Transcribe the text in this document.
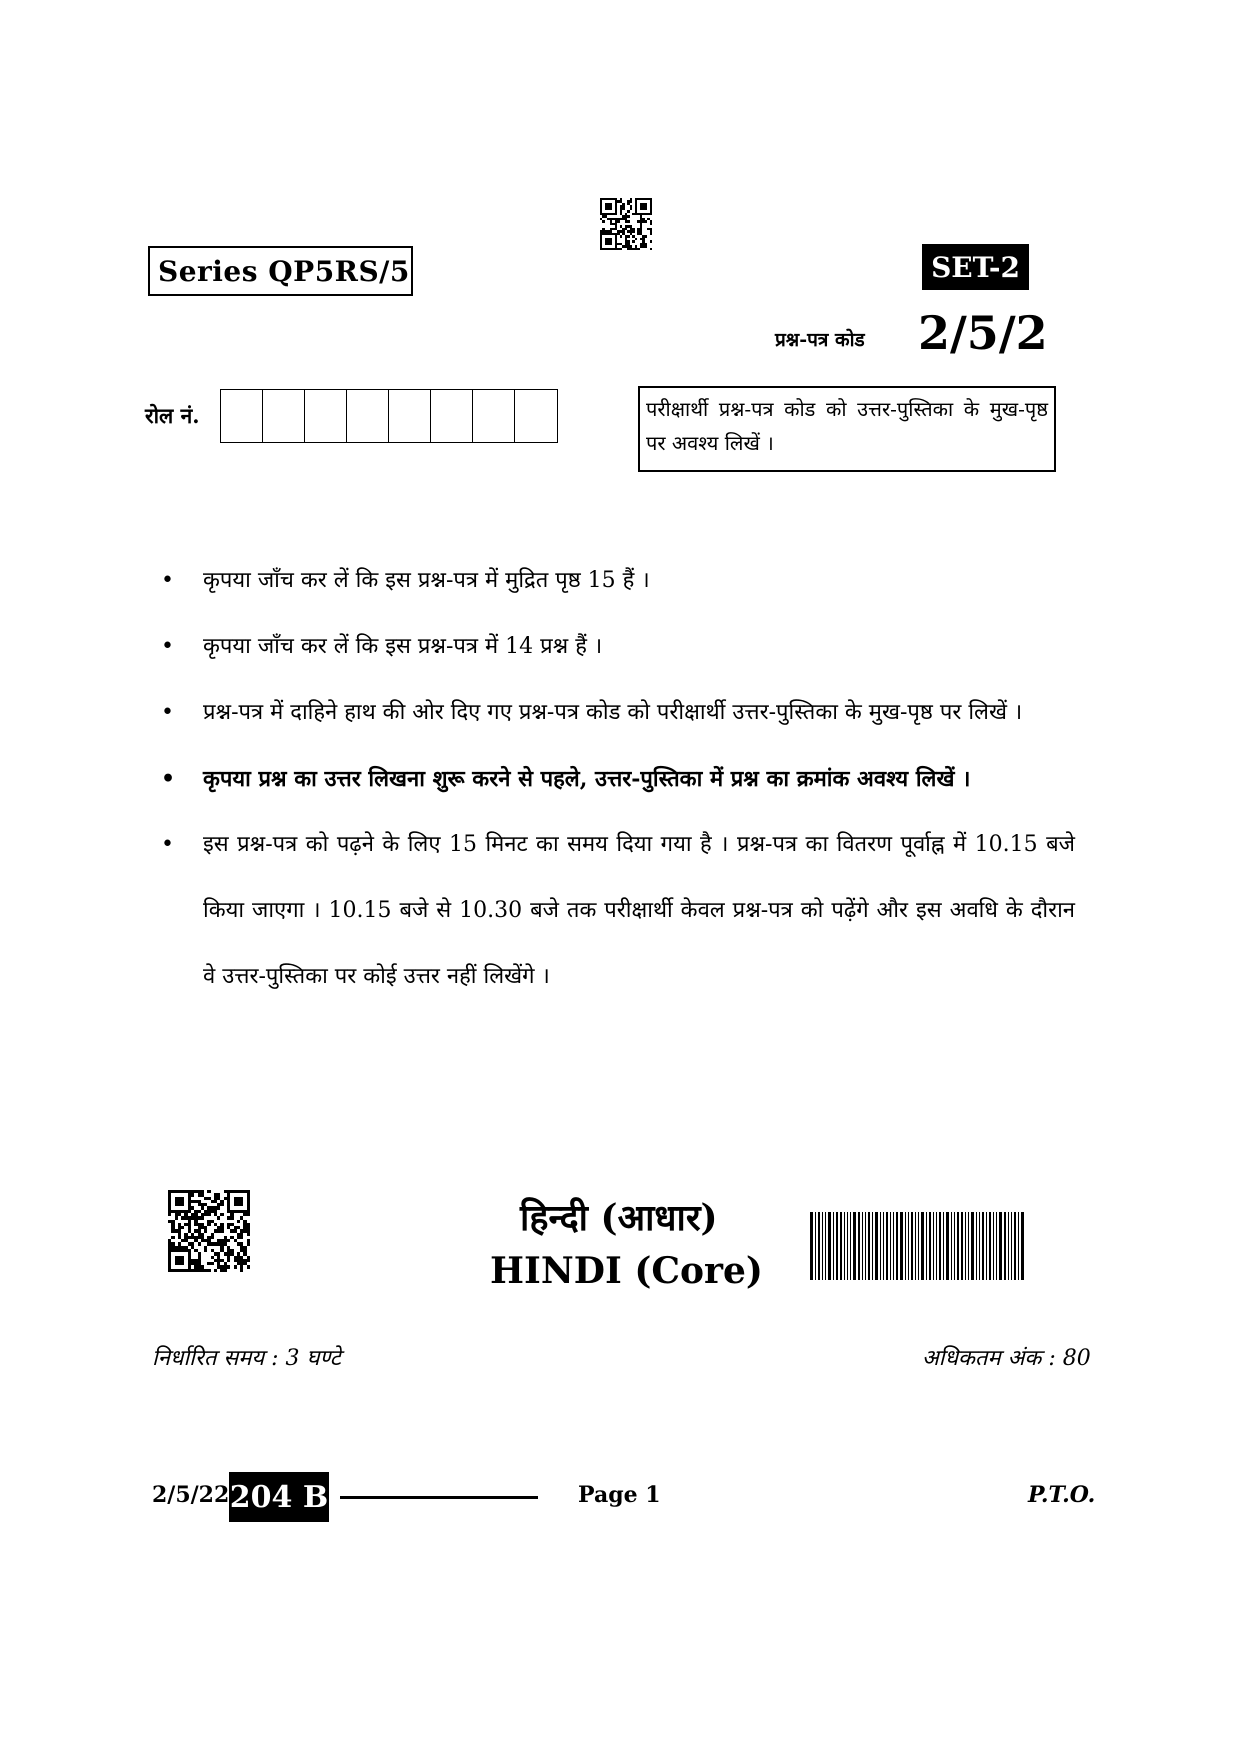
Series QP5RS/5	SET-2
प्रश्न-पत्र कोड 2/5/2
रोल नं.	परीक्षार्थी प्रश्न-पत्र कोड को उत्तर-पुस्तिका के मुख-पृष्ठ पर अवश्य लिखें ।
• कृपया जाँच कर लें कि इस प्रश्न-पत्र में मुद्रित पृष्ठ 15 हैं ।
• कृपया जाँच कर लें कि इस प्रश्न-पत्र में 14 प्रश्न हैं ।
• प्रश्न-पत्र में दाहिने हाथ की ओर दिए गए प्रश्न-पत्र कोड को परीक्षार्थी उत्तर-पुस्तिका के मुख-पृष्ठ पर लिखें ।
• कृपया प्रश्न का उत्तर लिखना शुरू करने से पहले, उत्तर-पुस्तिका में प्रश्न का क्रमांक अवश्य लिखें ।
• इस प्रश्न-पत्र को पढ़ने के लिए 15 मिनट का समय दिया गया है । प्रश्न-पत्र का वितरण पूर्वाह्न में 10.15 बजे किया जाएगा । 10.15 बजे से 10.30 बजे तक परीक्षार्थी केवल प्रश्न-पत्र को पढ़ेंगे और इस अवधि के दौरान वे उत्तर-पुस्तिका पर कोई उत्तर नहीं लिखेंगे ।
हिन्दी (आधार)
HINDI (Core)
निर्धारित समय : 3 घण्टे	अधिकतम अंक : 80
2/5/22 204 B	Page 1	P.T.O.
